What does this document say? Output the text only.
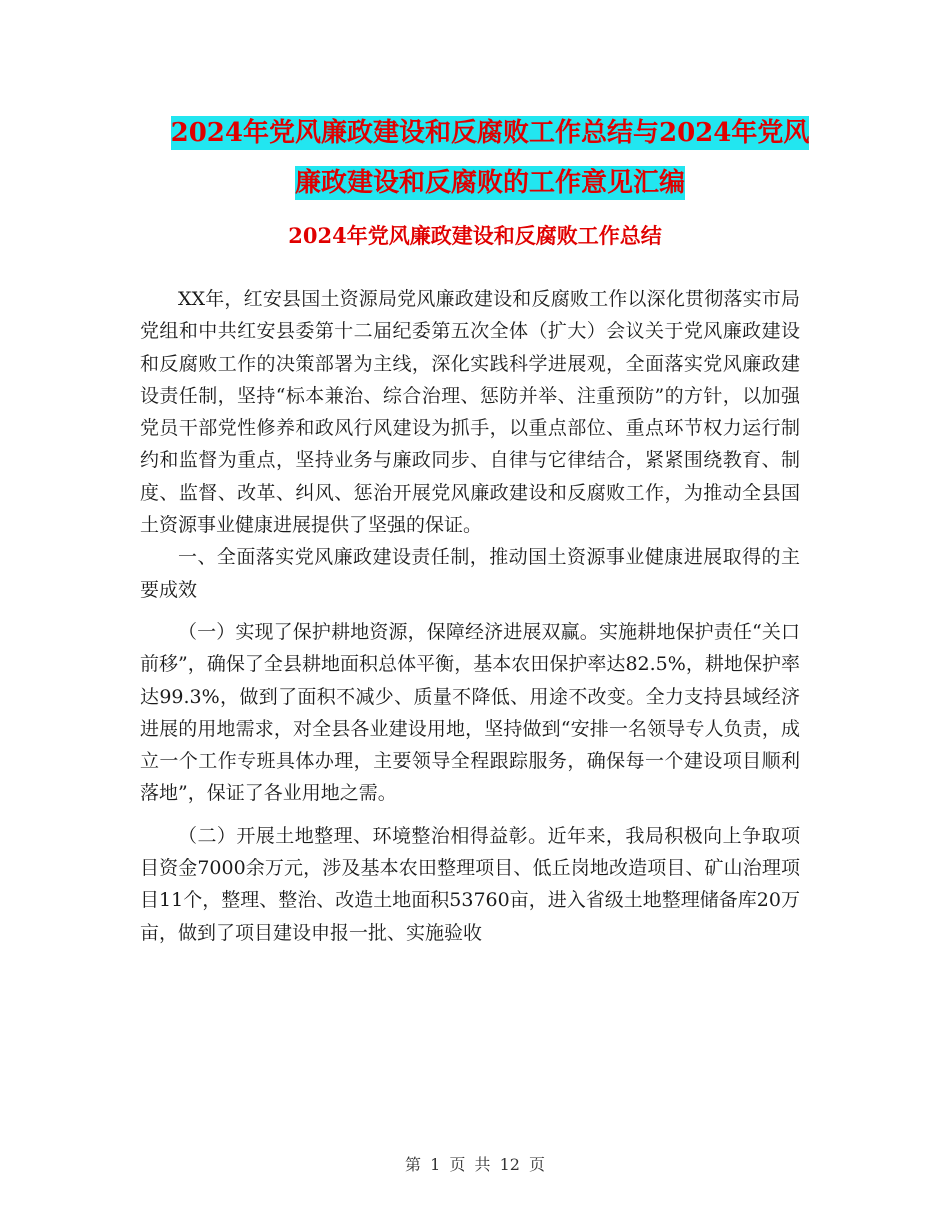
2024年党风廉政建设和反腐败工作总结与2024年党风
廉政建设和反腐败的工作意见汇编
2024年党风廉政建设和反腐败工作总结

XX年，红安县国土资源局党风廉政建设和反腐败工作以深化贯彻落实市局党组和中共红安县委第十二届纪委第五次全体（扩大）会议关于党风廉政建设和反腐败工作的决策部署为主线，深化实践科学进展观，全面落实党风廉政建设责任制，坚持“标本兼治、综合治理、惩防并举、注重预防”的方针，以加强党员干部党性修养和政风行风建设为抓手，以重点部位、重点环节权力运行制约和监督为重点，坚持业务与廉政同步、自律与它律结合，紧紧围绕教育、制度、监督、改革、纠风、惩治开展党风廉政建设和反腐败工作，为推动全县国土资源事业健康进展提供了坚强的保证。

一、全面落实党风廉政建设责任制，推动国土资源事业健康进展取得的主要成效

（一）实现了保护耕地资源，保障经济进展双赢。实施耕地保护责任“关口前移”，确保了全县耕地面积总体平衡，基本农田保护率达82.5%，耕地保护率达99.3%，做到了面积不减少、质量不降低、用途不改变。全力支持县域经济进展的用地需求，对全县各业建设用地，坚持做到“安排一名领导专人负责，成立一个工作专班具体办理，主要领导全程跟踪服务，确保每一个建设项目顺利落地”，保证了各业用地之需。

（二）开展土地整理、环境整治相得益彰。近年来，我局积极向上争取项目资金7000余万元，涉及基本农田整理项目、低丘岗地改造项目、矿山治理项目11个，整理、整治、改造土地面积53760亩，进入省级土地整理储备库20万亩，做到了项目建设申报一批、实施验收

第 1 页 共 12 页
